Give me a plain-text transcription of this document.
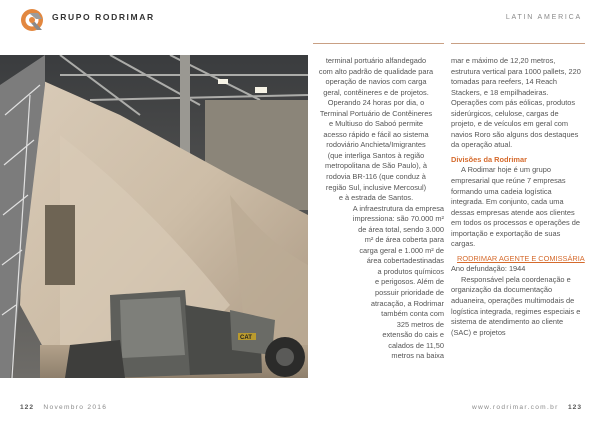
GRUPO RODRIMAR	LATIN AMERICA
CAT
terminal portuário alfandegado
com alto padrão de qualidade para
operação de navios com carga
geral, contêineres e de projetos.
Operando 24 horas por dia, o
Terminal Portuário de Contêineres
e Multiuso do Saboó permite
acesso rápido e fácil ao sistema
rodoviário Anchieta/Imigrantes
(que interliga Santos à região
metropolitana de São Paulo), à
rodovia BR-116 (que conduz à
região Sul, inclusive Mercosul)
e à estrada de Santos.
A infraestrutura da empresa
impressiona: são 70.000 m²
de área total, sendo 3.000
m² de área coberta para
carga geral e 1.000 m² de
área cobertadestinadas
a produtos químicos
e perigosos. Além de
possuir prioridade de
atracação, a Rodrimar
também conta com
325 metros de
extensão do cais e
calados de 11,50
metros na baixa

mar e máximo de 12,20 metros, estrutura vertical para 1000 pallets, 220 tomadas para reefers, 14 Reach Stackers, e 18 empilhadeiras. Operações com pás eólicas, produtos siderúrgicos, celulose, cargas de projeto, e de veículos em geral com navios Roro são alguns dos destaques da operação atual.

Divisões da Rodrimar

A Rodimar hoje é um grupo empresarial que reúne 7 empresas formando uma cadeia logística integrada. Em conjunto, cada uma dessas empresas atende aos clientes em todos os processos e operações de importação e exportação de suas cargas.

RODRIMAR AGENTE E COMISSÁRIA

Ano defundação: 1944

Responsável pela coordenação e organização da documentação aduaneira, operações multimodais de logística integrada, regimes especiais e sistema de atendimento ao cliente (SAC) e projetos

122 Novembro 2016	www.rodrimar.com.br 123
